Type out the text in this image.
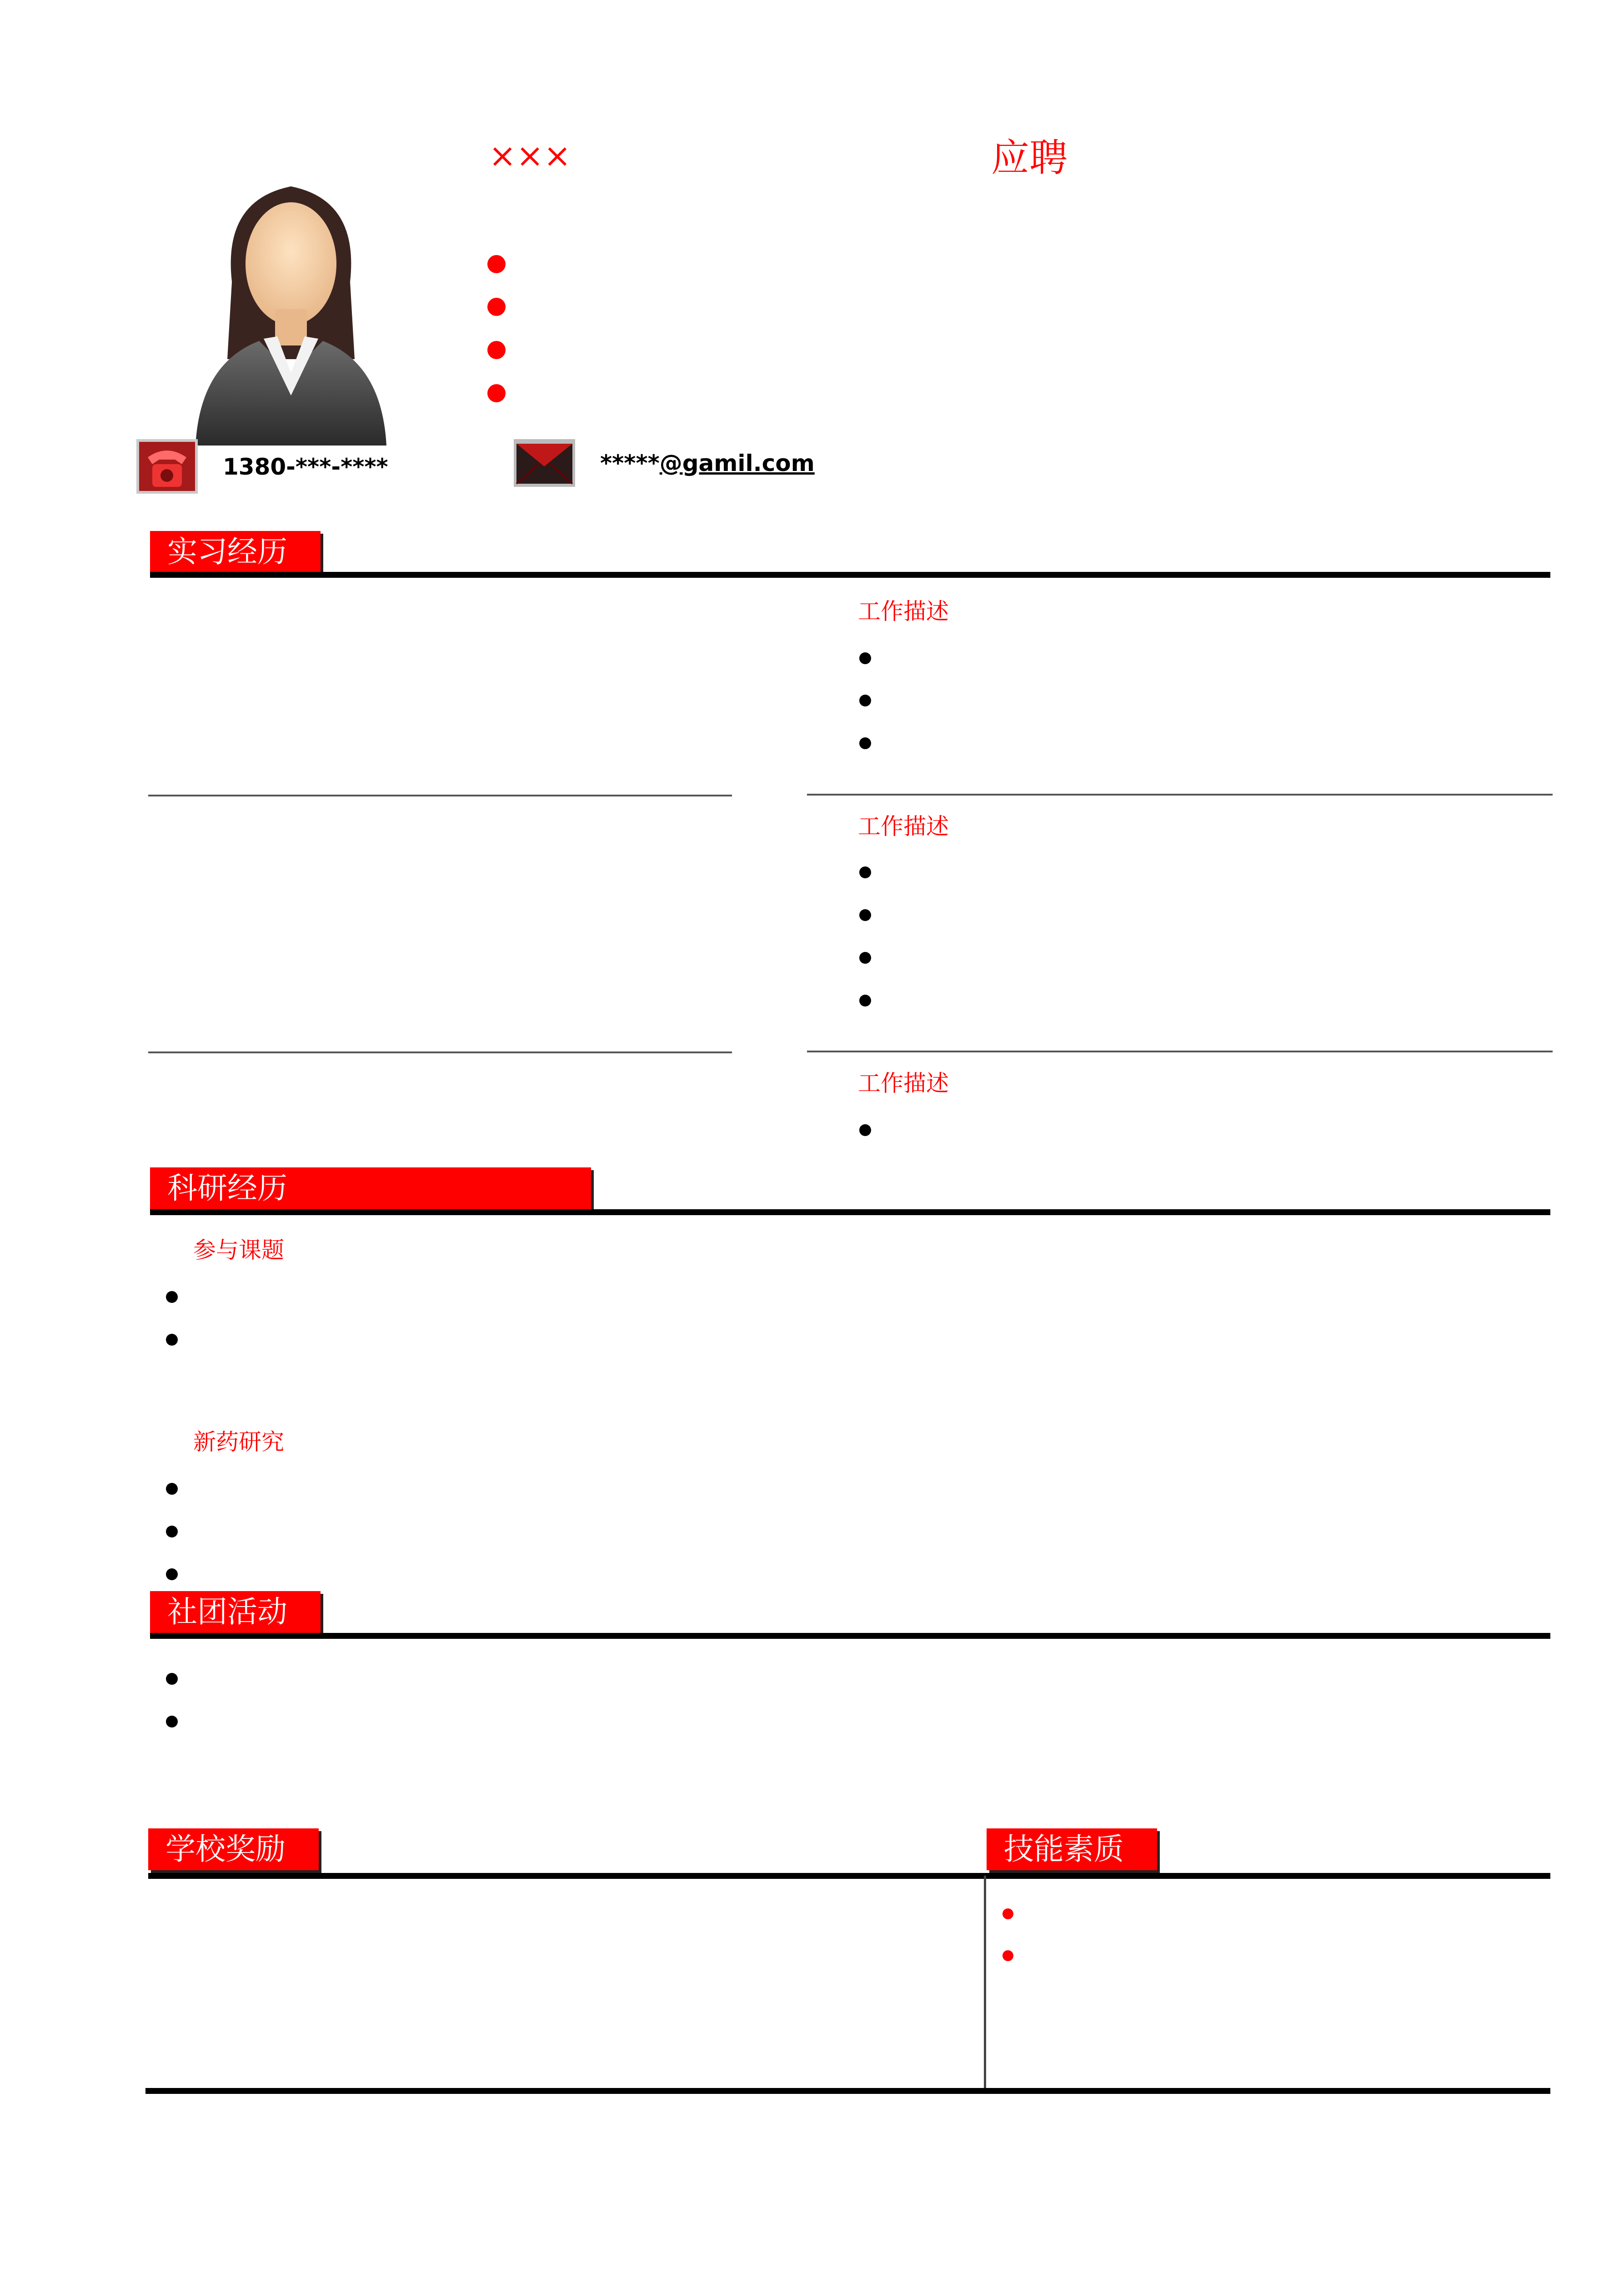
×××	应聘
1380-***-****	*****@gamil.com
实习经历
工作描述
工作描述
工作描述
科研经历
参与课题
新药研究
社团活动
学校奖励	技能素质
